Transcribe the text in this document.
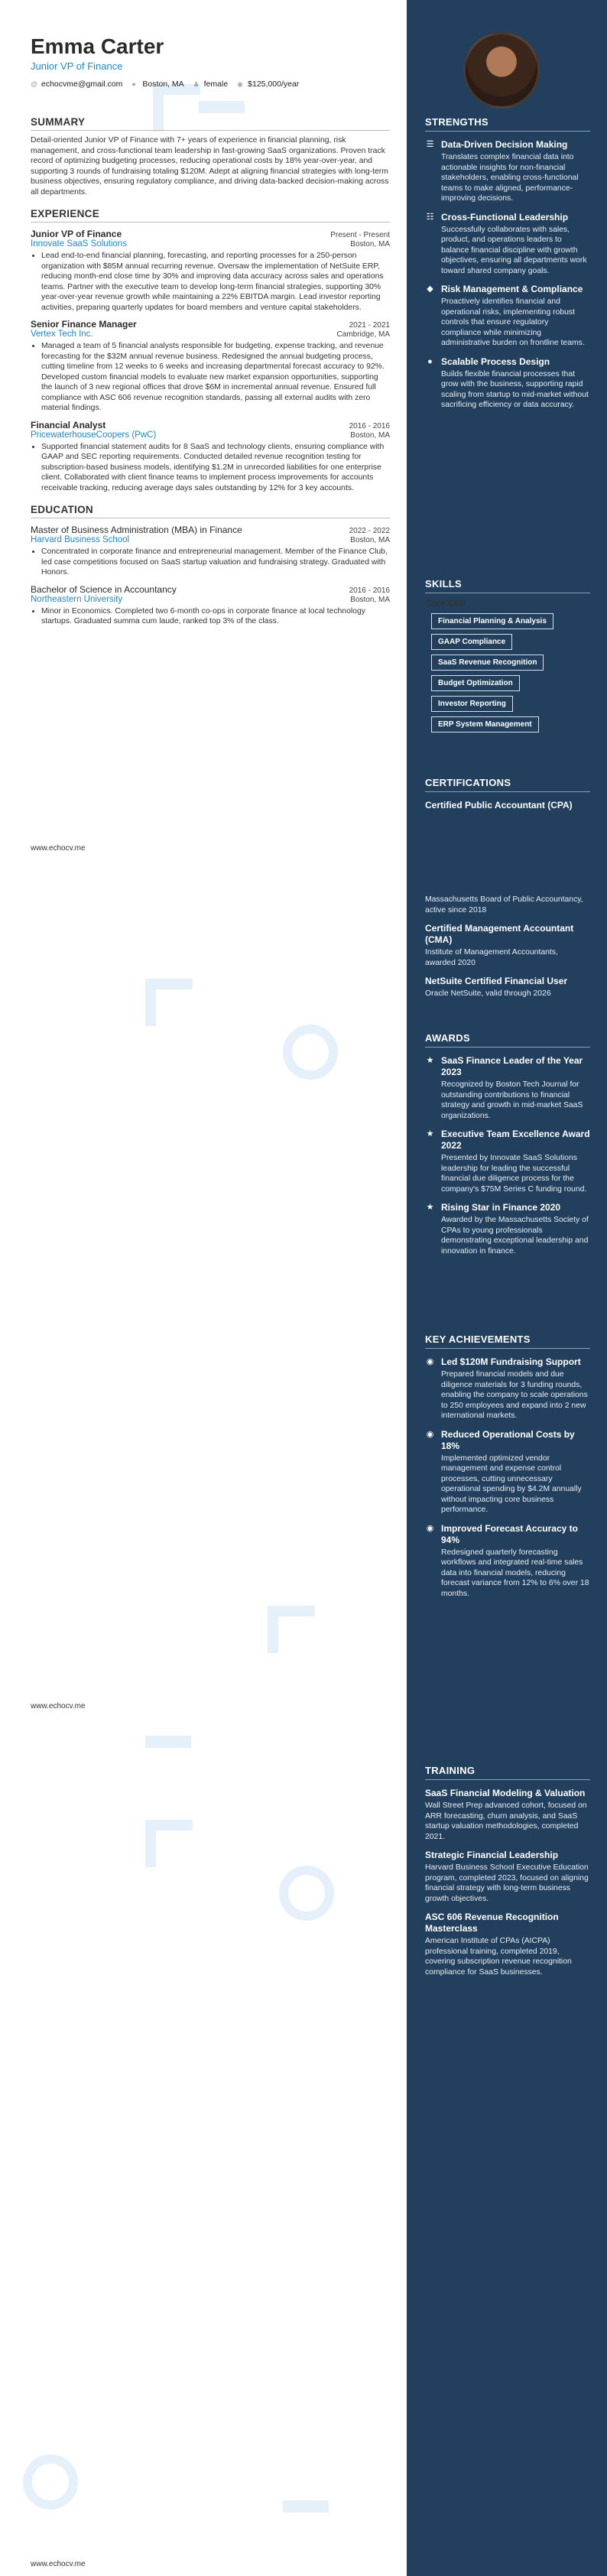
Emma Carter
Junior VP of Finance
@ echocvme@gmail.com ● Boston, MA ♟ female ◉ $125,000/year
SUMMARY

Detail-oriented Junior VP of Finance with 7+ years of experience in financial planning, risk management, and cross-functional team leadership in fast-growing SaaS organizations. Proven track record of optimizing budgeting processes, reducing operational costs by 18% year-over-year, and supporting 3 rounds of fundraising totaling $120M. Adept at aligning financial strategies with long-term business objectives, ensuring regulatory compliance, and driving data-backed decision-making across all departments.

EXPERIENCE
Junior VP of Finance	Present - Present
Innovate SaaS Solutions	Boston, MA
• Lead end-to-end financial planning, forecasting, and reporting processes for a 250-person organization with $85M annual recurring revenue. Oversaw the implementation of NetSuite ERP, reducing month-end close time by 30% and improving data accuracy across sales and operations teams. Partner with the executive team to develop long-term financial strategies, supporting 30% year-over-year revenue growth while maintaining a 22% EBITDA margin. Lead investor reporting activities, preparing quarterly updates for board members and venture capital stakeholders.
Senior Finance Manager	2021 - 2021
Vertex Tech Inc.	Cambridge, MA
• Managed a team of 5 financial analysts responsible for budgeting, expense tracking, and revenue forecasting for the $32M annual revenue business. Redesigned the annual budgeting process, cutting timeline from 12 weeks to 6 weeks and increasing departmental forecast accuracy to 92%. Developed custom financial models to evaluate new market expansion opportunities, supporting the launch of 3 new regional offices that drove $6M in incremental annual revenue. Ensured full compliance with ASC 606 revenue recognition standards, passing all external audits with zero material findings.
Financial Analyst	2016 - 2016
PricewaterhouseCoopers (PwC)	Boston, MA
• Supported financial statement audits for 8 SaaS and technology clients, ensuring compliance with GAAP and SEC reporting requirements. Conducted detailed revenue recognition testing for subscription-based business models, identifying $1.2M in unrecorded liabilities for one enterprise client. Collaborated with client finance teams to implement process improvements for accounts receivable tracking, reducing average days sales outstanding by 12% for 3 key accounts.
EDUCATION
Master of Business Administration (MBA) in Finance	2022 - 2022
Harvard Business School	Boston, MA
• Concentrated in corporate finance and entrepreneurial management. Member of the Finance Club, led case competitions focused on SaaS startup valuation and fundraising strategy. Graduated with Honors.
Bachelor of Science in Accountancy	2016 - 2016
Northeastern University	Boston, MA
• Minor in Economics. Completed two 6-month co-ops in corporate finance at local technology startups. Graduated summa cum laude, ranked top 3% of the class.
www.echocv.me
www.echocv.me
www.echocv.me
STRENGTHS
☰ Data-Driven Decision Making
Translates complex financial data into actionable insights for non-financial stakeholders, enabling cross-functional teams to make aligned, performance-improving decisions.
☷ Cross-Functional Leadership
Successfully collaborates with sales, product, and operations leaders to balance financial discipline with growth objectives, ensuring all departments work toward shared company goals.
◆ Risk Management & Compliance
Proactively identifies financial and operational risks, implementing robust controls that ensure regulatory compliance while minimizing administrative burden on frontline teams.
● Scalable Process Design
Builds flexible financial processes that grow with the business, supporting rapid scaling from startup to mid-market without sacrificing efficiency or data accuracy.
SKILLS
Core Skill
Financial Planning & Analysis
GAAP Compliance
SaaS Revenue Recognition
Budget Optimization
Investor Reporting
ERP System Management
CERTIFICATIONS
Certified Public Accountant (CPA)
Massachusetts Board of Public Accountancy, active since 2018
Certified Management Accountant (CMA)
Institute of Management Accountants, awarded 2020
NetSuite Certified Financial User
Oracle NetSuite, valid through 2026
AWARDS
★ SaaS Finance Leader of the Year 2023
Recognized by Boston Tech Journal for outstanding contributions to financial strategy and growth in mid-market SaaS organizations.
★ Executive Team Excellence Award 2022
Presented by Innovate SaaS Solutions leadership for leading the successful financial due diligence process for the company's $75M Series C funding round.
★ Rising Star in Finance 2020
Awarded by the Massachusetts Society of CPAs to young professionals demonstrating exceptional leadership and innovation in finance.
KEY ACHIEVEMENTS
◉ Led $120M Fundraising Support
Prepared financial models and due diligence materials for 3 funding rounds, enabling the company to scale operations to 250 employees and expand into 2 new international markets.
◉ Reduced Operational Costs by 18%
Implemented optimized vendor management and expense control processes, cutting unnecessary operational spending by $4.2M annually without impacting core business performance.
◉ Improved Forecast Accuracy to 94%
Redesigned quarterly forecasting workflows and integrated real-time sales data into financial models, reducing forecast variance from 12% to 6% over 18 months.
TRAINING
SaaS Financial Modeling & Valuation
Wall Street Prep advanced cohort, focused on ARR forecasting, churn analysis, and SaaS startup valuation methodologies, completed 2021.
Strategic Financial Leadership
Harvard Business School Executive Education program, completed 2023, focused on aligning financial strategy with long-term business growth objectives.
ASC 606 Revenue Recognition Masterclass
American Institute of CPAs (AICPA) professional training, completed 2019, covering subscription revenue recognition compliance for SaaS businesses.
